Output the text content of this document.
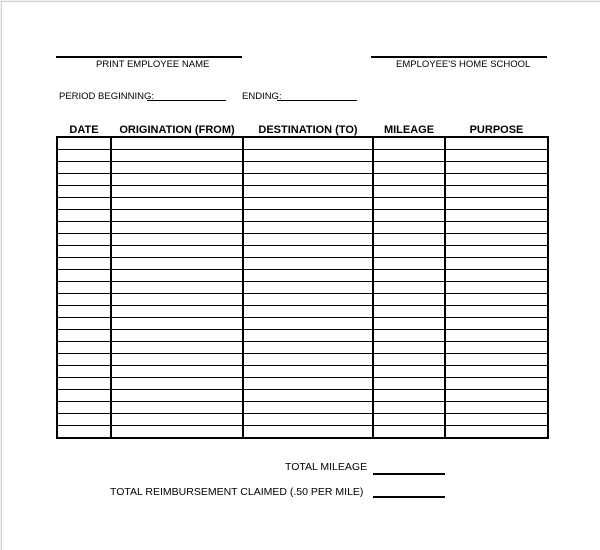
PRINT EMPLOYEE NAME	EMPLOYEE'S HOME SCHOOL
PERIOD BEGINNING:	ENDING:
DATE	ORIGINATION (FROM)	DESTINATION (TO)	MILEAGE	PURPOSE

TOTAL MILEAGE
TOTAL REIMBURSEMENT CLAIMED (.50 PER MILE)
